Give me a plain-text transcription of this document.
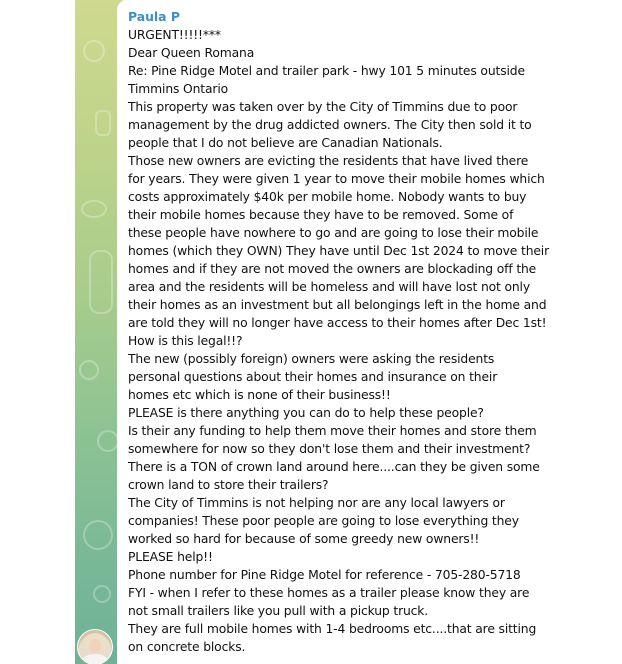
Paula P
URGENT!!!!!***
Dear Queen Romana
Re: Pine Ridge Motel and trailer park - hwy 101 5 minutes outside
Timmins Ontario
This property was taken over by the City of Timmins due to poor
management by the drug addicted owners. The City then sold it to
people that I do not believe are Canadian Nationals.
Those new owners are evicting the residents that have lived there
for years. They were given 1 year to move their mobile homes which
costs approximately $40k per mobile home. Nobody wants to buy
their mobile homes because they have to be removed. Some of
these people have nowhere to go and are going to lose their mobile
homes (which they OWN) They have until Dec 1st 2024 to move their
homes and if they are not moved the owners are blockading off the
area and the residents will be homeless and will have lost not only
their homes as an investment but all belongings left in the home and
are told they will no longer have access to their homes after Dec 1st!
How is this legal!!?
The new (possibly foreign) owners were asking the residents
personal questions about their homes and insurance on their
homes etc which is none of their business!!
PLEASE is there anything you can do to help these people?
Is their any funding to help them move their homes and store them
somewhere for now so they don't lose them and their investment?
There is a TON of crown land around here....can they be given some
crown land to store their trailers?
The City of Timmins is not helping nor are any local lawyers or
companies! These poor people are going to lose everything they
worked so hard for because of some greedy new owners!!
PLEASE help!!
Phone number for Pine Ridge Motel for reference - 705-280-5718
FYI - when I refer to these homes as a trailer please know they are
not small trailers like you pull with a pickup truck.
They are full mobile homes with 1-4 bedrooms etc....that are sitting
on concrete blocks.
